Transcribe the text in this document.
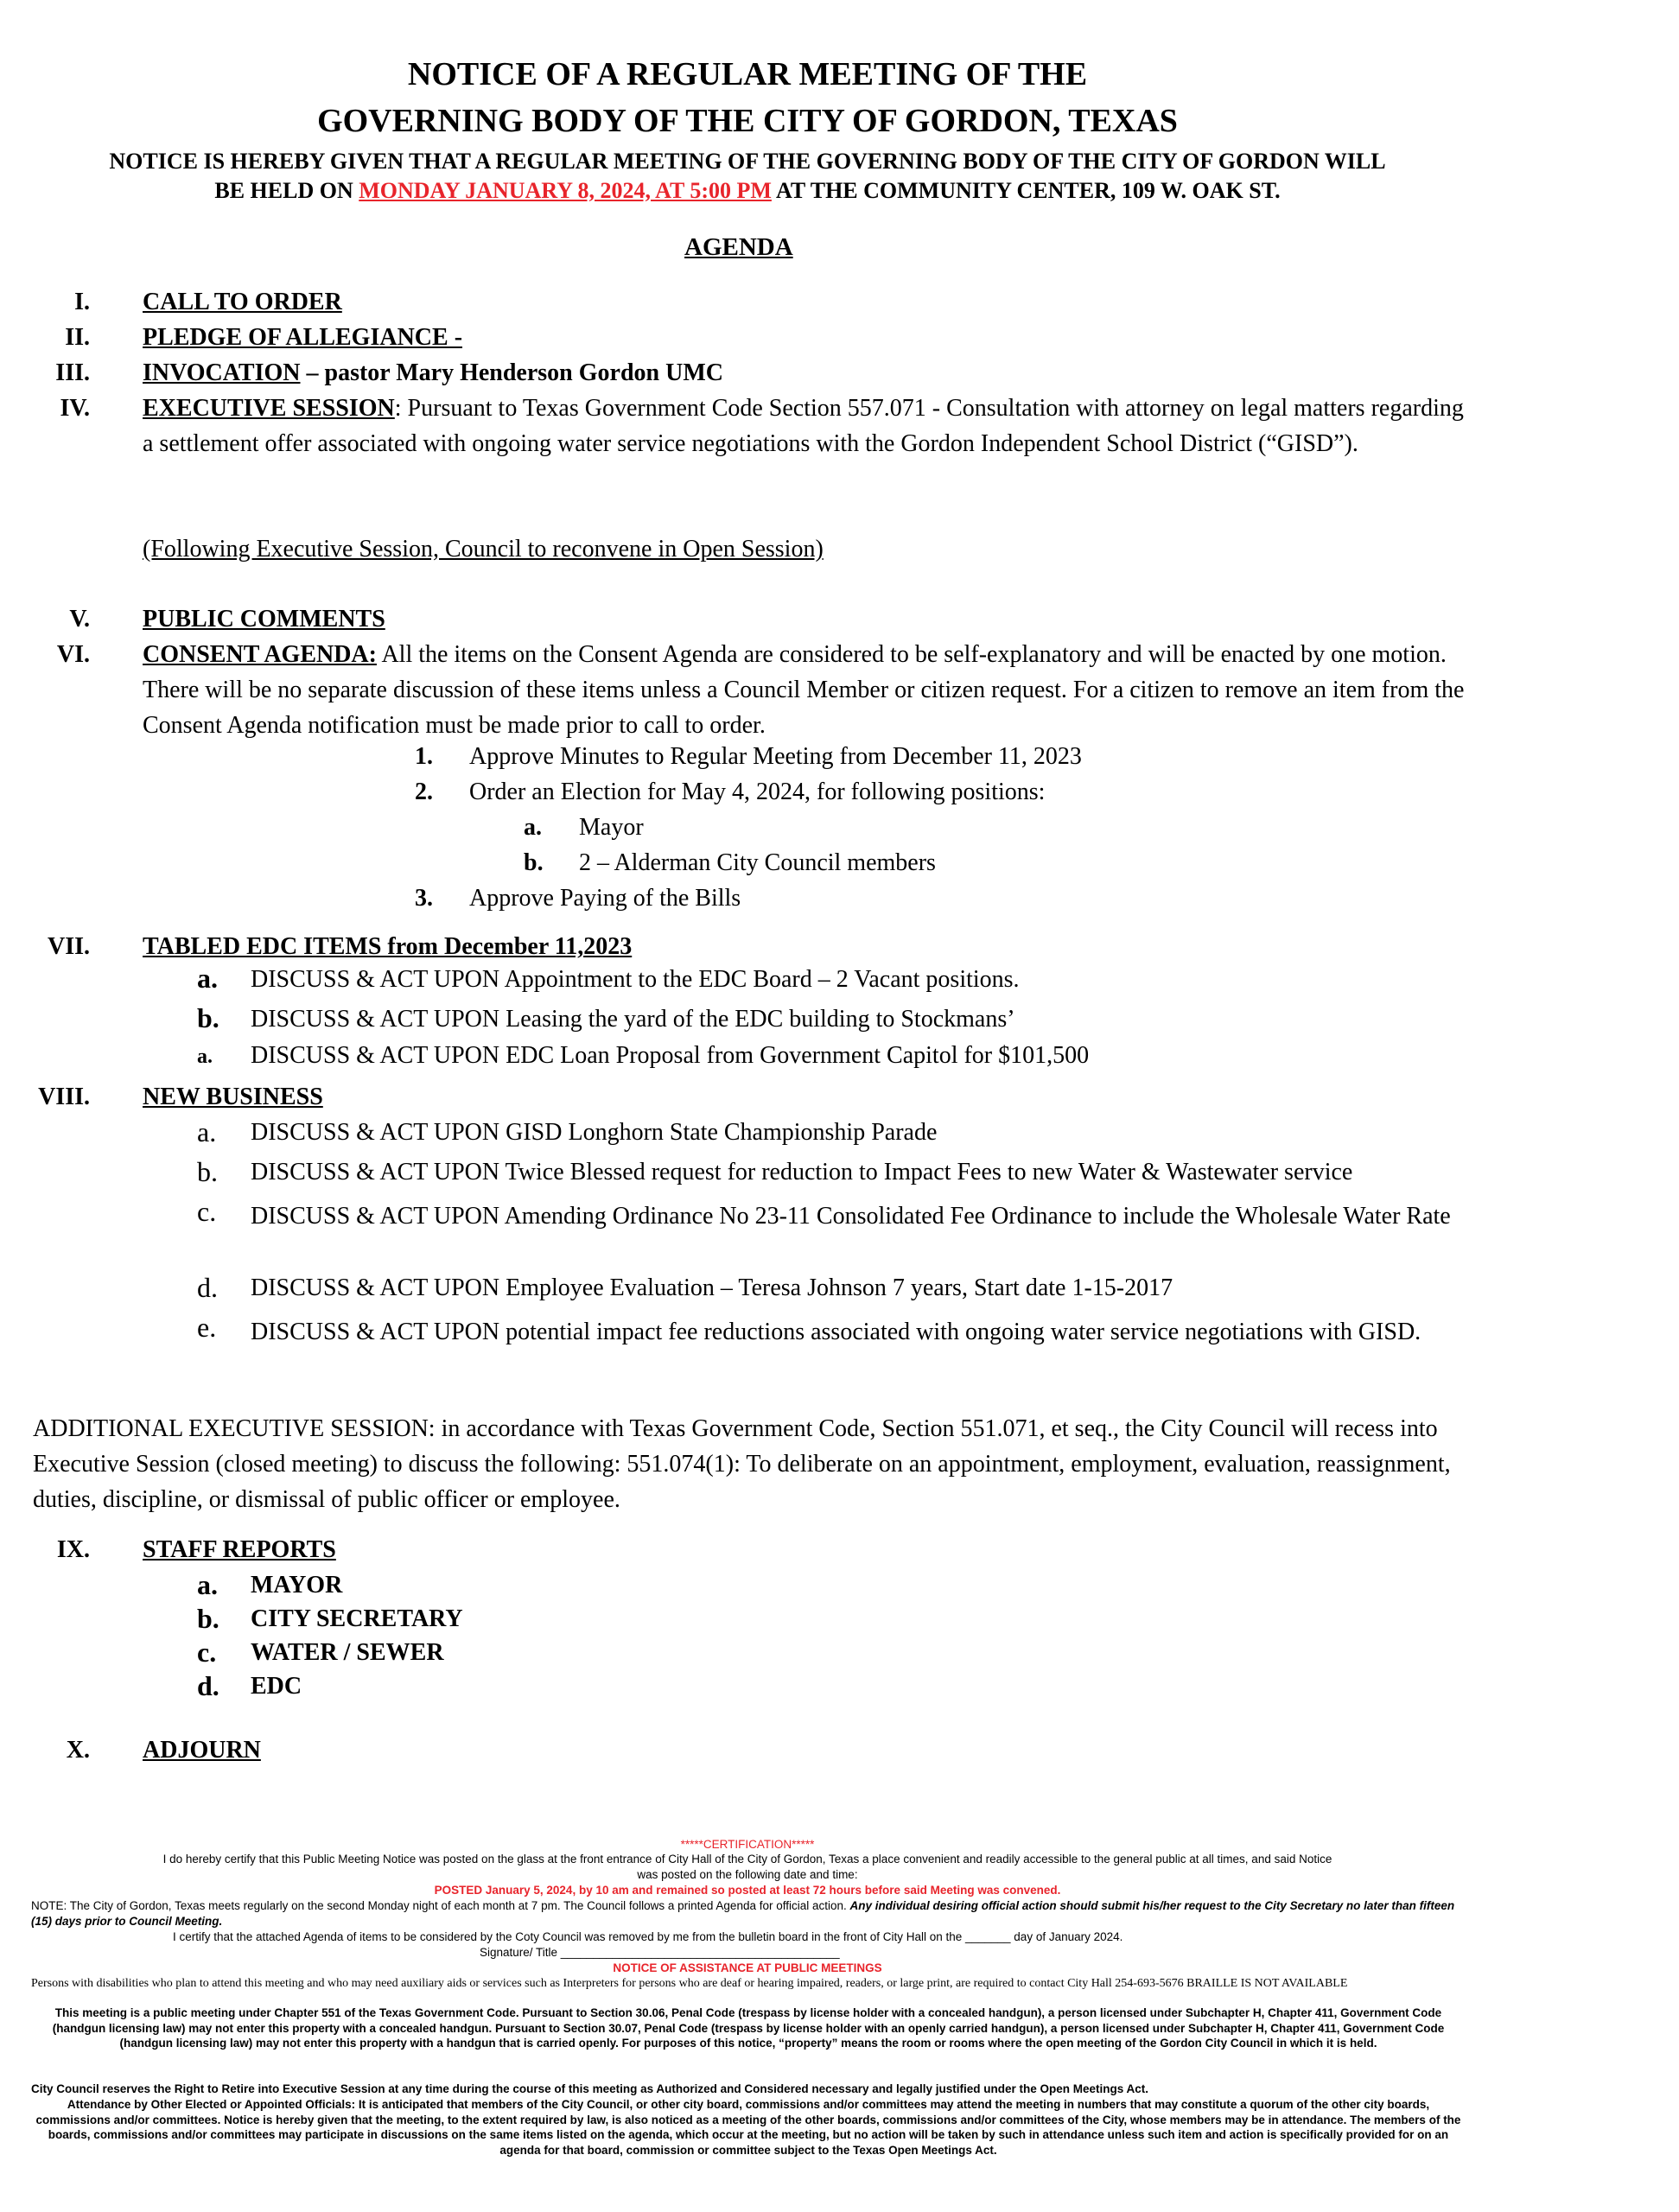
NOTICE OF A REGULAR MEETING OF THE
GOVERNING BODY OF THE CITY OF GORDON, TEXAS
NOTICE IS HEREBY GIVEN THAT A REGULAR MEETING OF THE GOVERNING BODY OF THE CITY OF GORDON WILL
BE HELD ON MONDAY JANUARY 8, 2024, AT 5:00 PM AT THE COMMUNITY CENTER, 109 W. OAK ST.
AGENDA
I. CALL TO ORDER
II. PLEDGE OF ALLEGIANCE -
III. INVOCATION – pastor Mary Henderson Gordon UMC
IV. EXECUTIVE SESSION: Pursuant to Texas Government Code Section 557.071 - Consultation with attorney on legal matters regarding a settlement offer associated with ongoing water service negotiations with the Gordon Independent School District (“GISD”).
(Following Executive Session, Council to reconvene in Open Session)
V. PUBLIC COMMENTS
VI. CONSENT AGENDA: All the items on the Consent Agenda are considered to be self-explanatory and will be enacted by one motion. There will be no separate discussion of these items unless a Council Member or citizen request. For a citizen to remove an item from the Consent Agenda notification must be made prior to call to order.
1. Approve Minutes to Regular Meeting from December 11, 2023
2. Order an Election for May 4, 2024, for following positions:
a. Mayor
b. 2 – Alderman City Council members
3. Approve Paying of the Bills
VII. TABLED EDC ITEMS from December 11,2023
a. DISCUSS & ACT UPON Appointment to the EDC Board – 2 Vacant positions.
b. DISCUSS & ACT UPON Leasing the yard of the EDC building to Stockmans’
a. DISCUSS & ACT UPON EDC Loan Proposal from Government Capitol for $101,500
VIII. NEW BUSINESS
a. DISCUSS & ACT UPON GISD Longhorn State Championship Parade
b. DISCUSS & ACT UPON Twice Blessed request for reduction to Impact Fees to new Water & Wastewater service
c. DISCUSS & ACT UPON Amending Ordinance No 23-11 Consolidated Fee Ordinance to include the Wholesale Water Rate
d. DISCUSS & ACT UPON Employee Evaluation – Teresa Johnson 7 years, Start date 1-15-2017
e. DISCUSS & ACT UPON potential impact fee reductions associated with ongoing water service negotiations with GISD.
ADDITIONAL EXECUTIVE SESSION: in accordance with Texas Government Code, Section 551.071, et seq., the City Council will recess into Executive Session (closed meeting) to discuss the following: 551.074(1): To deliberate on an appointment, employment, evaluation, reassignment, duties, discipline, or dismissal of public officer or employee.
IX. STAFF REPORTS
a. MAYOR
b. CITY SECRETARY
c. WATER / SEWER
d. EDC
X. ADJOURN
*****CERTIFICATION*****
I do hereby certify that this Public Meeting Notice was posted on the glass at the front entrance of City Hall of the City of Gordon, Texas a place convenient and readily accessible to the general public at all times, and said Notice
was posted on the following date and time:
POSTED January 5, 2024, by 10 am and remained so posted at least 72 hours before said Meeting was convened.
NOTE: The City of Gordon, Texas meets regularly on the second Monday night of each month at 7 pm. The Council follows a printed Agenda for official action. Any individual desiring official action should submit his/her request to the City Secretary no later than fifteen (15) days prior to Council Meeting.
I certify that the attached Agenda of items to be considered by the Coty Council was removed by me from the bulletin board in the front of City Hall on the _______ day of January 2024.
Signature/ Title ___________________________________________
NOTICE OF ASSISTANCE AT PUBLIC MEETINGS
Persons with disabilities who plan to attend this meeting and who may need auxiliary aids or services such as Interpreters for persons who are deaf or hearing impaired, readers, or large print, are required to contact City Hall 254-693-5676 BRAILLE IS NOT AVAILABLE
This meeting is a public meeting under Chapter 551 of the Texas Government Code. Pursuant to Section 30.06, Penal Code (trespass by license holder with a concealed handgun), a person licensed under Subchapter H, Chapter 411, Government Code (handgun licensing law) may not enter this property with a concealed handgun. Pursuant to Section 30.07, Penal Code (trespass by license holder with an openly carried handgun), a person licensed under Subchapter H, Chapter 411, Government Code (handgun licensing law) may not enter this property with a handgun that is carried openly. For purposes of this notice, “property” means the room or rooms where the open meeting of the Gordon City Council in which it is held.
City Council reserves the Right to Retire into Executive Session at any time during the course of this meeting as Authorized and Considered necessary and legally justified under the Open Meetings Act.
Attendance by Other Elected or Appointed Officials: It is anticipated that members of the City Council, or other city board, commissions and/or committees may attend the meeting in numbers that may constitute a quorum of the other city boards, commissions and/or committees. Notice is hereby given that the meeting, to the extent required by law, is also noticed as a meeting of the other boards, commissions and/or committees of the City, whose members may be in attendance. The members of the boards, commissions and/or committees may participate in discussions on the same items listed on the agenda, which occur at the meeting, but no action will be taken by such in attendance unless such item and action is specifically provided for on an agenda for that board, commission or committee subject to the Texas Open Meetings Act.
